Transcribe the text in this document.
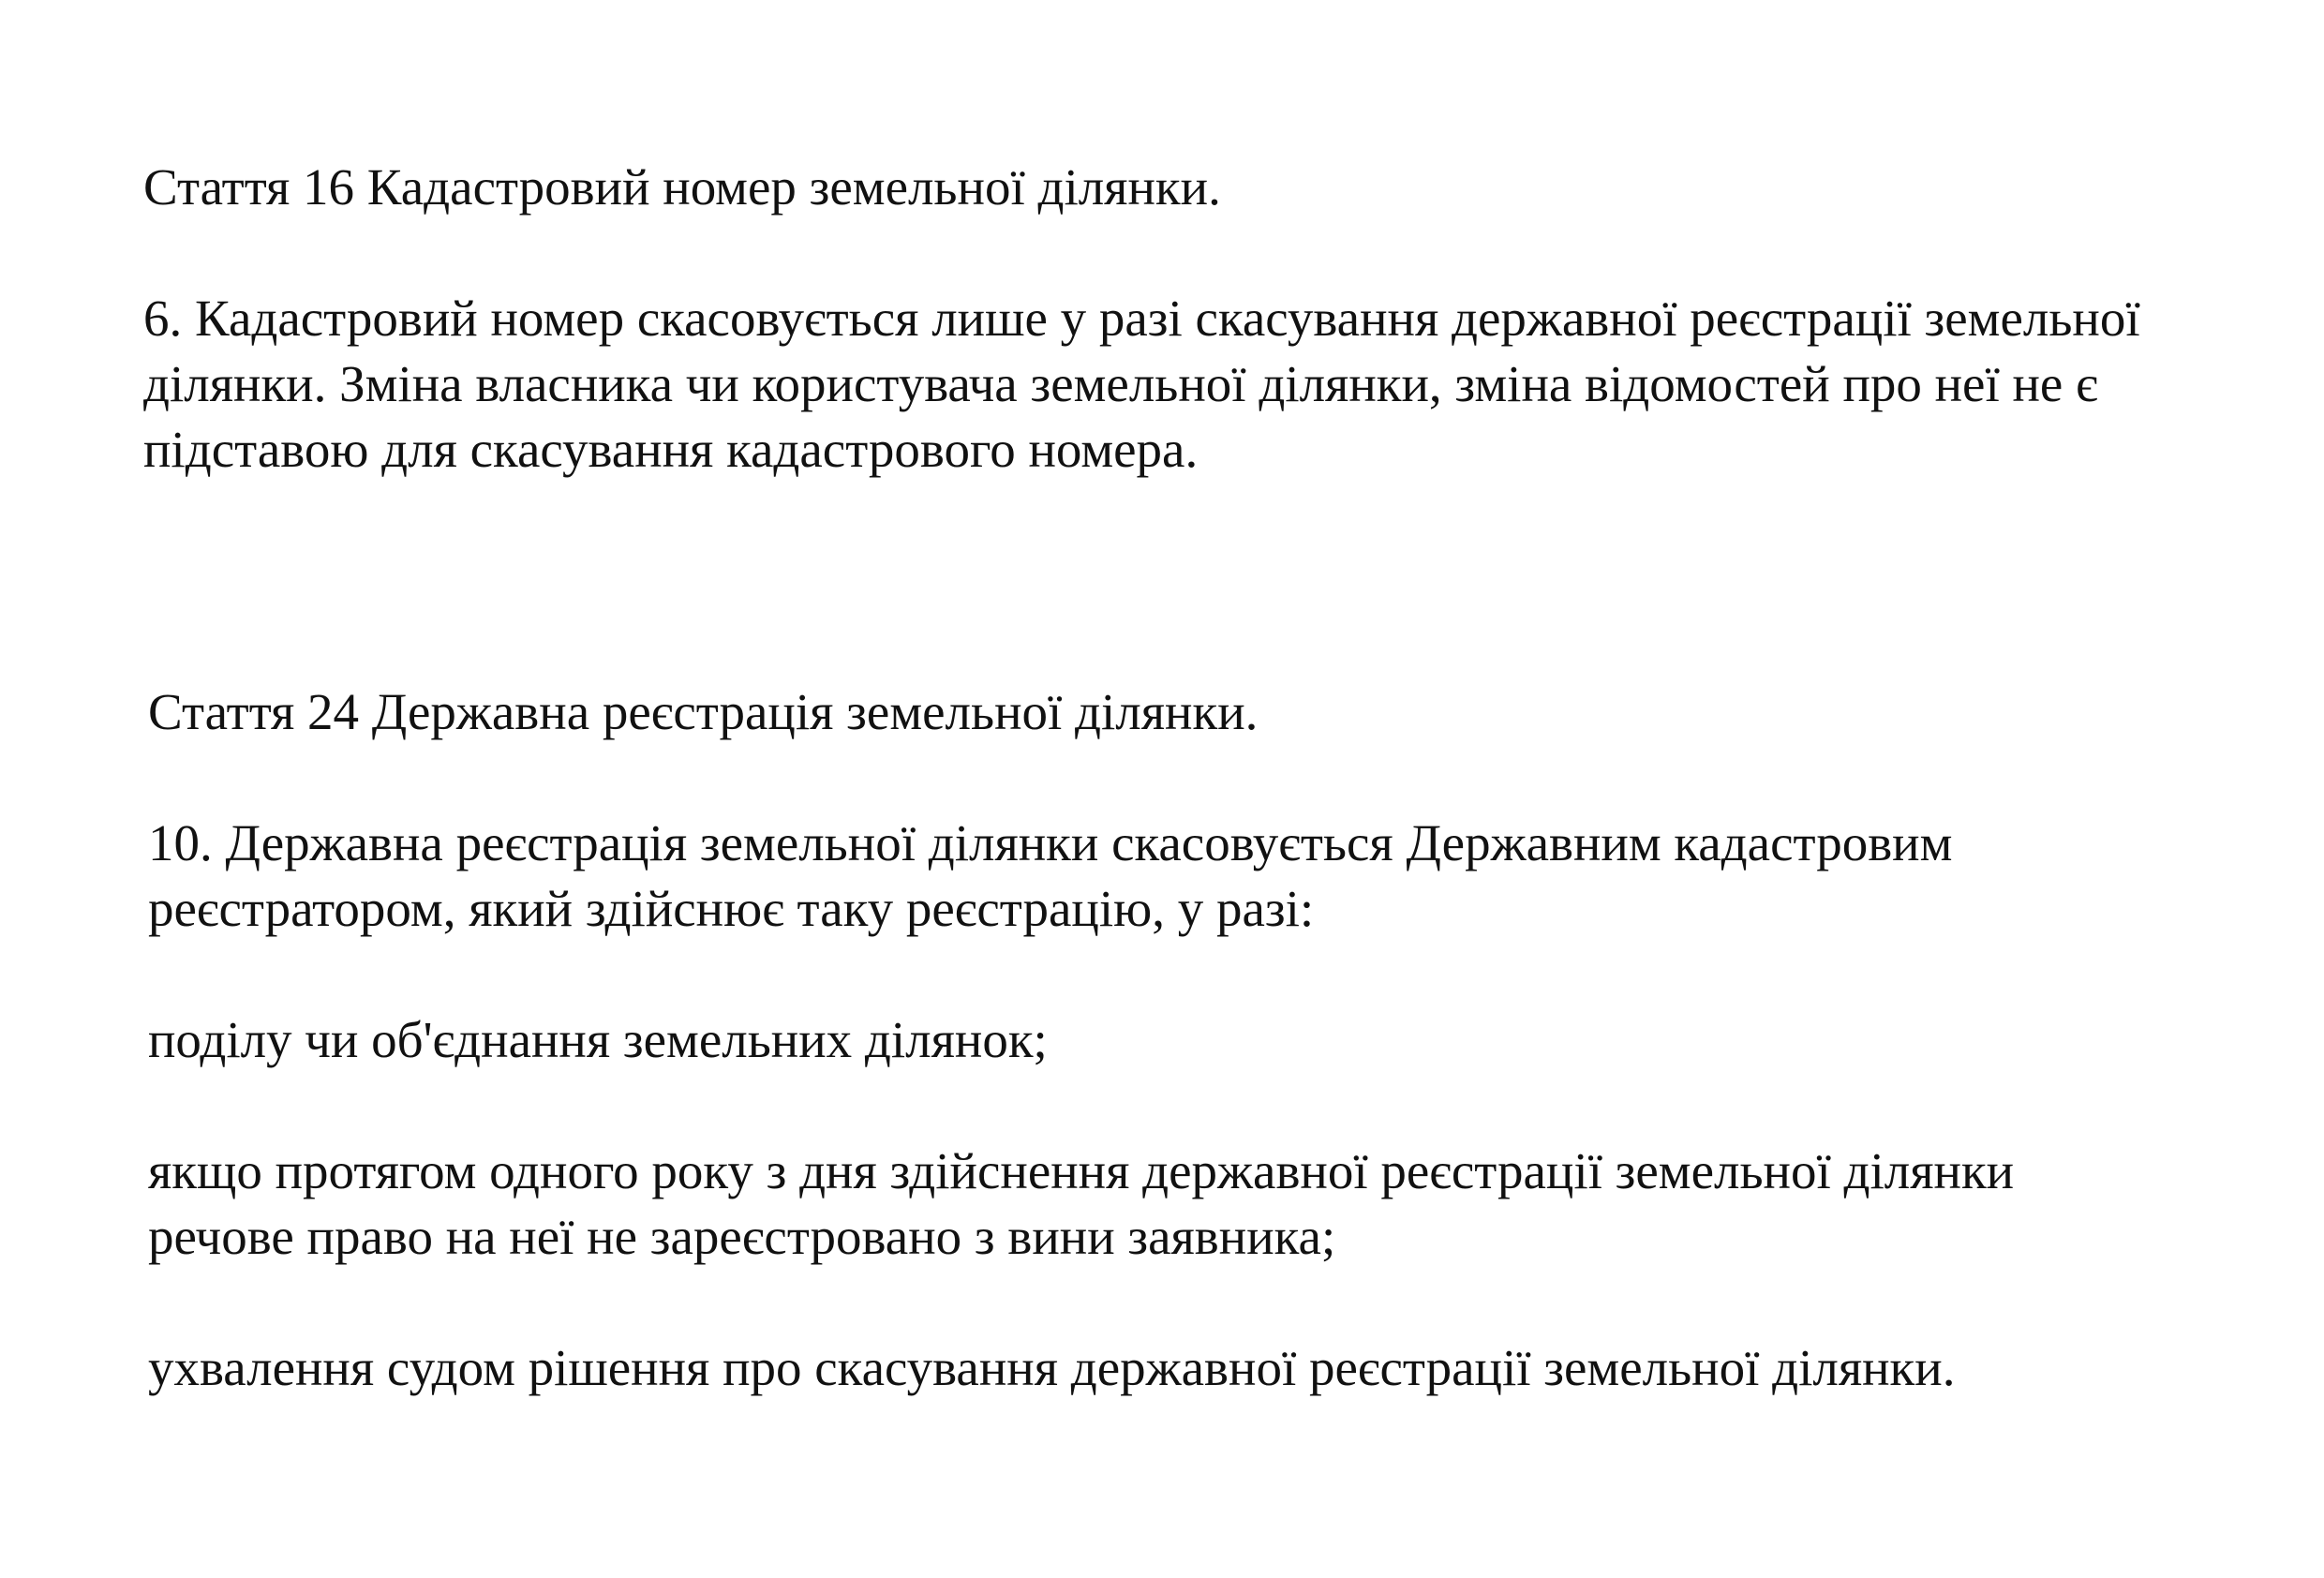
Стаття 16 Кадастровий номер земельної ділянки.
6. Кадастровий номер скасовується лише у разі скасування державної реєстрації земельної
ділянки. Зміна власника чи користувача земельної ділянки, зміна відомостей про неї не є
підставою для скасування кадастрового номера.
Стаття 24 Державна реєстрація земельної ділянки.
10. Державна реєстрація земельної ділянки скасовується Державним кадастровим
реєстратором, який здійснює таку реєстрацію, у разі:

поділу чи об'єднання земельних ділянок;

якщо протягом одного року з дня здійснення державної реєстрації земельної ділянки
речове право на неї не зареєстровано з вини заявника;

ухвалення судом рішення про скасування державної реєстрації земельної ділянки.
